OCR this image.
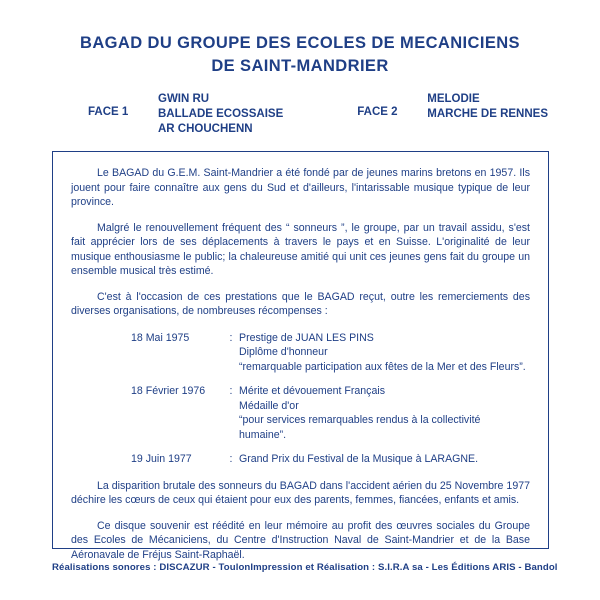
BAGAD DU GROUPE DES ECOLES DE MECANICIENS
DE SAINT-MANDRIER
FACE 1
GWIN RU
BALLADE ECOSSAISE
AR CHOUCHENN
FACE 2
MELODIE
MARCHE DE RENNES
Le BAGAD du G.E.M. Saint-Mandrier a été fondé par de jeunes marins bretons en 1957. Ils jouent pour faire connaître aux gens du Sud et d'ailleurs, l'intarissable musique typique de leur province.
Malgré le renouvellement fréquent des “ sonneurs ”, le groupe, par un travail assidu, s'est fait apprécier lors de ses déplacements à travers le pays et en Suisse. L'originalité de leur musique enthousiasme le public; la chaleureuse amitié qui unit ces jeunes gens fait du groupe un ensemble musical très estimé.
C'est à l'occasion de ces prestations que le BAGAD reçut, outre les remerciements des diverses organisations, de nombreuses récompenses :
18 Mai 1975	: Prestige de JUAN LES PINS
Diplôme d'honneur
“remarquable participation aux fêtes de la Mer et des Fleurs”.
18 Février 1976	: Mérite et dévouement Français
Médaille d'or
“pour services remarquables rendus à la collectivité humaine”.
19 Juin 1977	: Grand Prix du Festival de la Musique à LARAGNE.
La disparition brutale des sonneurs du BAGAD dans l'accident aérien du 25 Novembre 1977 déchire les cœurs de ceux qui étaient pour eux des parents, femmes, fiancées, enfants et amis.
Ce disque souvenir est réédité en leur mémoire au profit des œuvres sociales du Groupe des Ecoles de Mécaniciens, du Centre d'Instruction Naval de Saint-Mandrier et de la Base Aéronavale de Fréjus Saint-Raphaël.
Réalisations sonores : DISCAZUR - Toulon Impression et Réalisation : S.I.R.A sa - Les Éditions ARIS - Bandol
